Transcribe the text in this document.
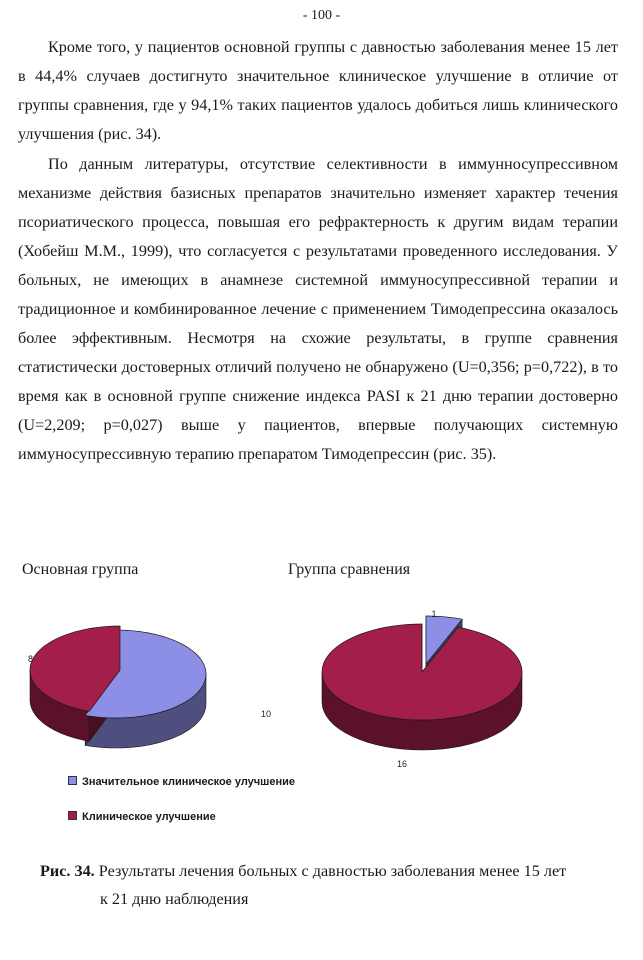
- 100 -

Кроме того, у пациентов основной группы с давностью заболевания менее 15 лет в 44,4% случаев достигнуто значительное клиническое улучшение в отличие от группы сравнения, где у 94,1% таких пациентов удалось добиться лишь клинического улучшения (рис. 34).

По данным литературы, отсутствие селективности в иммунносупрессивном механизме действия базисных препаратов значительно изменяет характер течения псориатического процесса, повышая его рефрактерность к другим видам терапии (Хобейш М.М., 1999), что согласуется с результатами проведенного исследования. У больных, не имеющих в анамнезе системной иммуносупрессивной терапии и традиционное и комбинированное лечение с применением Тимодепрессина оказалось более эффективным. Несмотря на схожие результаты, в группе сравнения статистически достоверных отличий получено не обнаружено (U=0,356; p=0,722), в то время как в основной группе снижение индекса PASI к 21 дню терапии достоверно (U=2,209; p=0,027) выше у пациентов, впервые получающих системную иммуносупрессивную терапию препаратом Тимодепрессин (рис. 35).

Основная группа	Группа сравнения
10
8
1
16
Значительное клиническое улучшение
Клиническое улучшение

Рис. 34. Результаты лечения больных с давностью заболевания менее 15 лет
к 21 дню наблюдения
